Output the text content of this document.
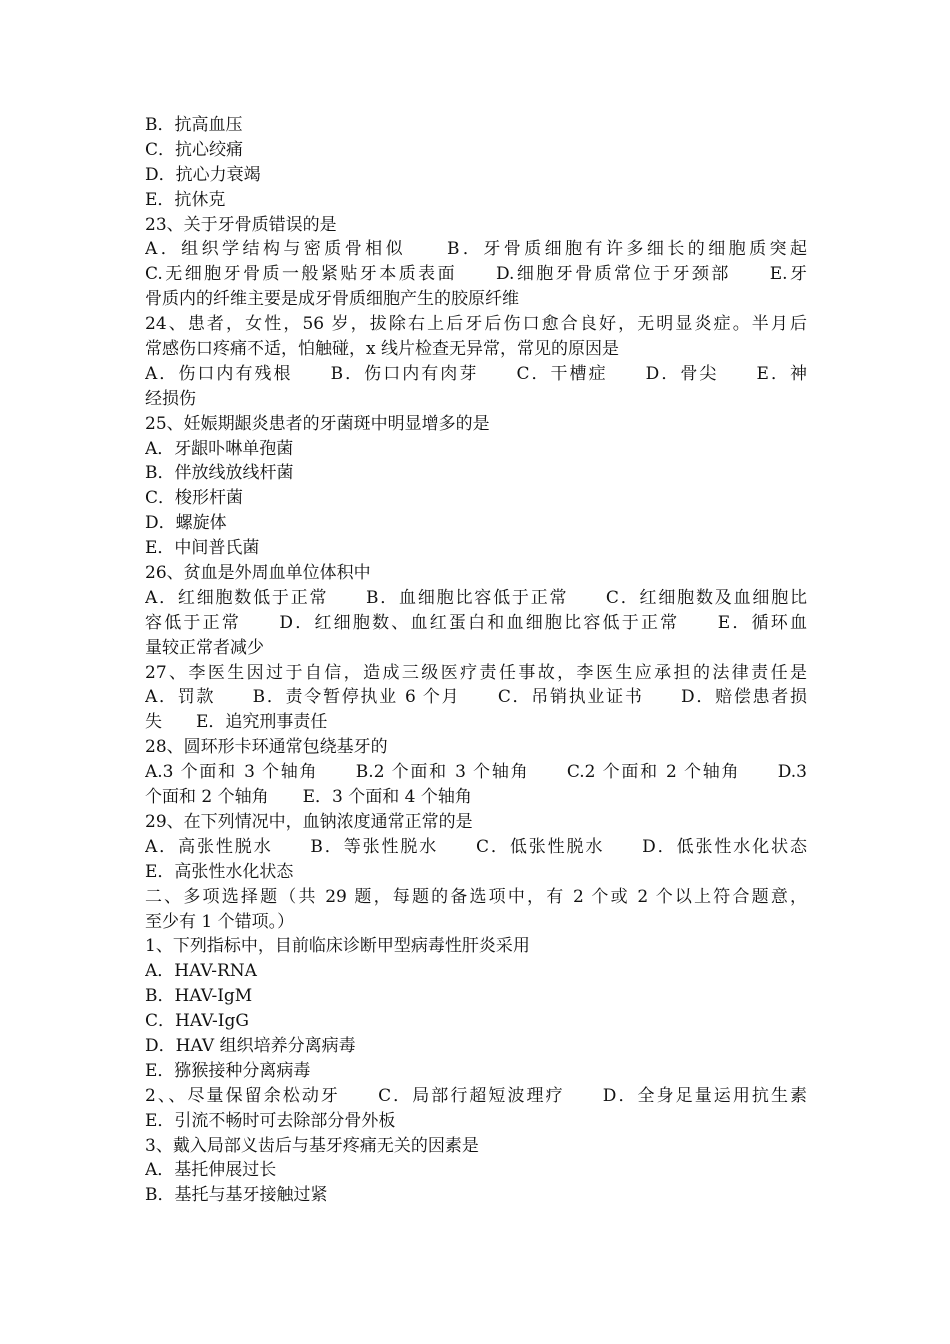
B．抗高血压
C．抗心绞痛
D．抗心力衰竭
E．抗休克
23、关于牙骨质错误的是
A．组织学结构与密质骨相似　　B．牙骨质细胞有许多细长的细胞质突起
C.无细胞牙骨质一般紧贴牙本质表面　　D.细胞牙骨质常位于牙颈部　　E.牙
骨质内的纤维主要是成牙骨质细胞产生的胶原纤维
24、患者，女性，56 岁，拔除右上后牙后伤口愈合良好，无明显炎症。半月后
常感伤口疼痛不适，怕触碰，x 线片检查无异常，常见的原因是
A．伤口内有残根　　B．伤口内有肉芽　　C．干槽症　　D．骨尖　　E．神
经损伤
25、妊娠期龈炎患者的牙菌斑中明显增多的是
A．牙龈卟啉单孢菌
B．伴放线放线杆菌
C．梭形杆菌
D．螺旋体
E．中间普氏菌
26、贫血是外周血单位体积中
A．红细胞数低于正常　　B．血细胞比容低于正常　　C．红细胞数及血细胞比
容低于正常　　D．红细胞数、血红蛋白和血细胞比容低于正常　　E．循环血
量较正常者减少
27、李医生因过于自信，造成三级医疗责任事故，李医生应承担的法律责任是
A．罚款　　B．责令暂停执业 6 个月　　C．吊销执业证书　　D．赔偿患者损
失　　E．追究刑事责任
28、圆环形卡环通常包绕基牙的
A.3 个面和 3 个轴角　　B.2 个面和 3 个轴角　　C.2 个面和 2 个轴角　　D.3
个面和 2 个轴角　　E．3 个面和 4 个轴角
29、在下列情况中，血钠浓度通常正常的是
A．高张性脱水　　B．等张性脱水　　C．低张性脱水　　D．低张性水化状态
E．高张性水化状态
二、多项选择题（共 29 题，每题的备选项中，有 2 个或 2 个以上符合题意，
至少有 1 个错项。）
1、下列指标中，目前临床诊断甲型病毒性肝炎采用
A．HAV-RNA
B．HAV-IgM
C．HAV-IgG
D．HAV 组织培养分离病毒
E．猕猴接种分离病毒
2、、尽量保留余松动牙　　C．局部行超短波理疗　　D．全身足量运用抗生素
E．引流不畅时可去除部分骨外板
3、戴入局部义齿后与基牙疼痛无关的因素是
A．基托伸展过长
B．基托与基牙接触过紧
